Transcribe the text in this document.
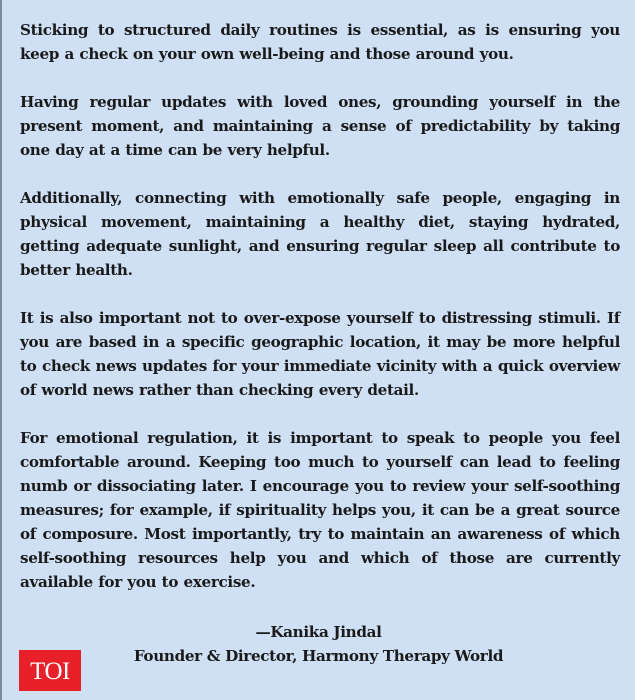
Sticking to structured daily routines is essential, as is ensuring you keep a check on your own well-being and those around you.

Having regular updates with loved ones, grounding yourself in the present moment, and maintaining a sense of predictability by taking one day at a time can be very helpful.

Additionally, connecting with emotionally safe people, engaging in physical movement, maintaining a healthy diet, staying hydrated, getting adequate sunlight, and ensuring regular sleep all contribute to better health.

It is also important not to over-expose yourself to distressing stimuli. If you are based in a specific geographic location, it may be more helpful to check news updates for your immediate vicinity with a quick overview of world news rather than checking every detail.

For emotional regulation, it is important to speak to people you feel comfortable around. Keeping too much to yourself can lead to feeling numb or dissociating later. I encourage you to review your self-soothing measures; for example, if spirituality helps you, it can be a great source of composure. Most importantly, try to maintain an awareness of which self-soothing resources help you and which of those are currently available for you to exercise.

—Kanika Jindal
Founder & Director, Harmony Therapy World
TOI
